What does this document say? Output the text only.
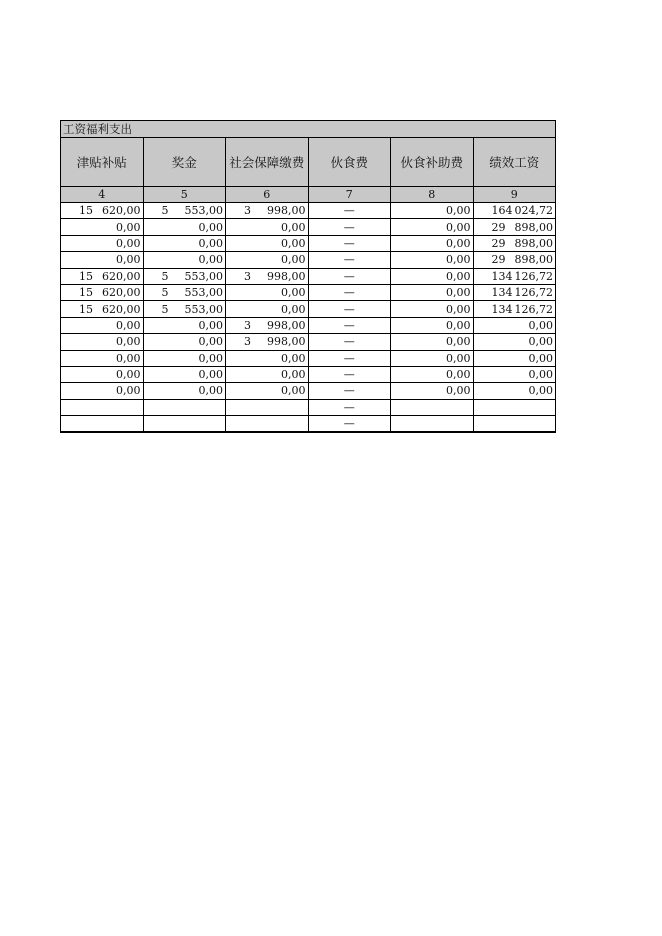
工资福利支出					
津贴补贴	奖金	社会保障缴费	伙食费	伙食补助费	绩效工资
4	5	6	7	8	9

15 620,00	5 553,00	3 998,00	—	0,00	164 024,72

0,00	0,00	0,00	—	0,00	29 898,00

0,00	0,00	0,00	—	0,00	29 898,00

0,00	0,00	0,00	—	0,00	29 898,00

15 620,00	5 553,00	3 998,00	—	0,00	134 126,72

15 620,00	5 553,00	0,00	—	0,00	134 126,72

15 620,00	5 553,00	0,00	—	0,00	134 126,72

0,00	0,00	3 998,00	—	0,00	0,00
0,00	0,00	3 998,00	—	0,00	0,00
0,00	0,00	0,00	—	0,00	0,00
0,00	0,00	0,00	—	0,00	0,00
0,00	0,00	0,00	—	0,00	0,00
			—		
			—		
